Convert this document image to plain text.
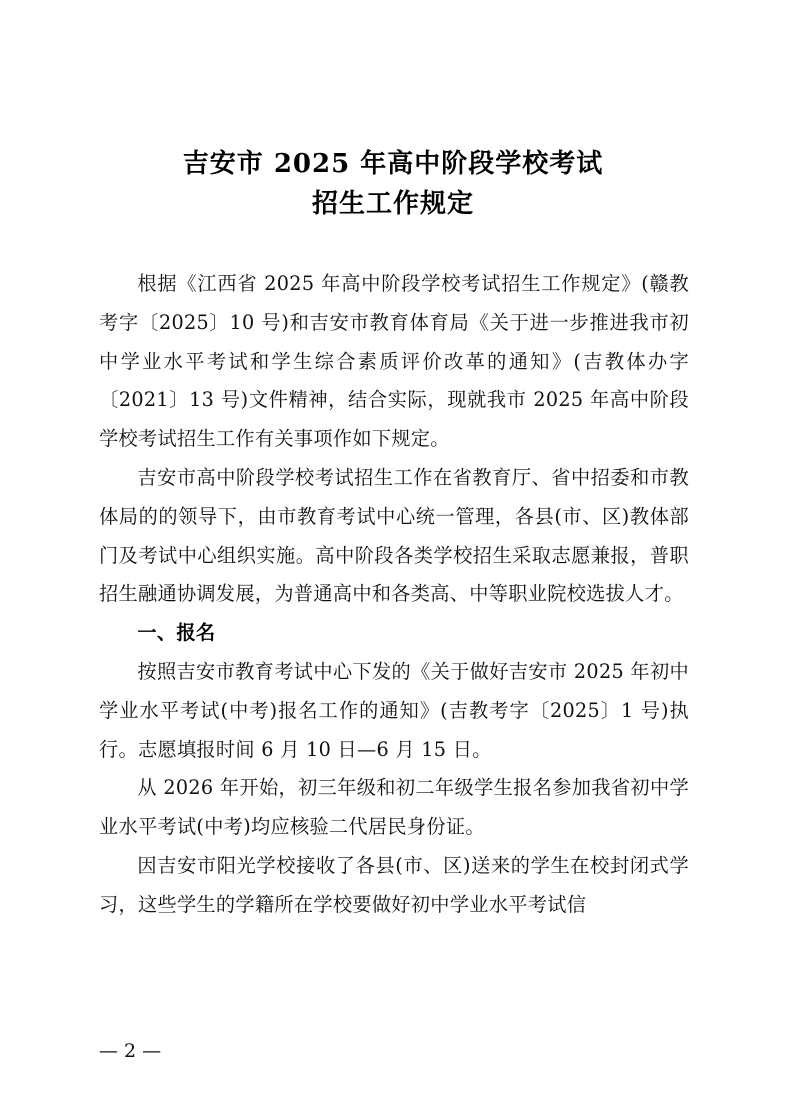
吉安市 2025 年高中阶段学校考试
招生工作规定

根据《江西省 2025 年高中阶段学校考试招生工作规定》(赣教考字〔2025〕10 号)和吉安市教育体育局《关于进一步推进我市初中学业水平考试和学生综合素质评价改革的通知》(吉教体办字〔2021〕13 号)文件精神，结合实际，现就我市 2025 年高中阶段学校考试招生工作有关事项作如下规定。

吉安市高中阶段学校考试招生工作在省教育厅、省中招委和市教体局的的领导下，由市教育考试中心统一管理，各县(市、区)教体部门及考试中心组织实施。高中阶段各类学校招生采取志愿兼报，普职招生融通协调发展，为普通高中和各类高、中等职业院校选拔人才。

一、报名

按照吉安市教育考试中心下发的《关于做好吉安市 2025 年初中学业水平考试(中考)报名工作的通知》(吉教考字〔2025〕1 号)执行。志愿填报时间 6 月 10 日—6 月 15 日。

从 2026 年开始，初三年级和初二年级学生报名参加我省初中学业水平考试(中考)均应核验二代居民身份证。

因吉安市阳光学校接收了各县(市、区)送来的学生在校封闭式学习，这些学生的学籍所在学校要做好初中学业水平考试信

— 2 —
